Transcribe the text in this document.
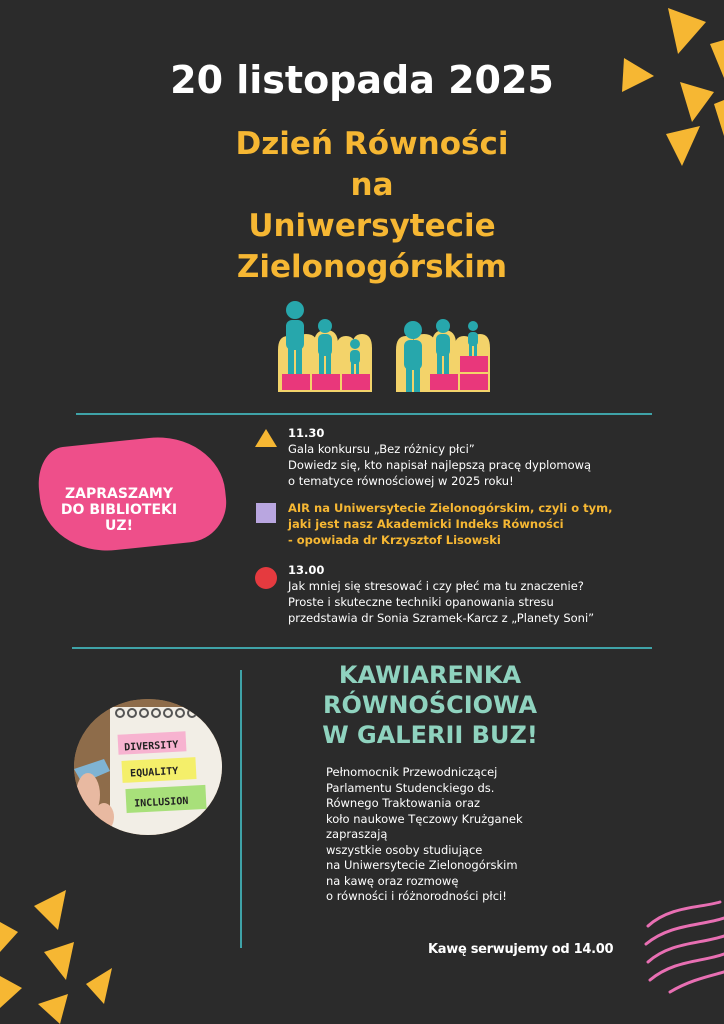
20 listopada 2025
Dzień Równości
na
Uniwersytecie
Zielonogórskim
ZAPRASZAMY
DO BIBLIOTEKI
UZ!
11.30
Gala konkursu „Bez różnicy płci”
Dowiedz się, kto napisał najlepszą pracę dyplomową
o tematyce równościowej w 2025 roku!
AIR na Uniwersytecie Zielonogórskim, czyli o tym,
jaki jest nasz Akademicki Indeks Równości
- opowiada dr Krzysztof Lisowski
13.00
Jak mniej się stresować i czy płeć ma tu znaczenie?
Proste i skuteczne techniki opanowania stresu
przedstawia dr Sonia Szramek-Karcz z „Planety Soni”
DIVERSITY
EQUALITY
INCLUSION
KAWIARENKA
RÓWNOŚCIOWA
W GALERII BUZ!
Pełnomocnik Przewodniczącej
Parlamentu Studenckiego ds.
Równego Traktowania oraz
koło naukowe Tęczowy Krużganek
zapraszają
wszystkie osoby studiujące
na Uniwersytecie Zielonogórskim
na kawę oraz rozmowę
o równości i różnorodności płci!
Kawę serwujemy od 14.00
